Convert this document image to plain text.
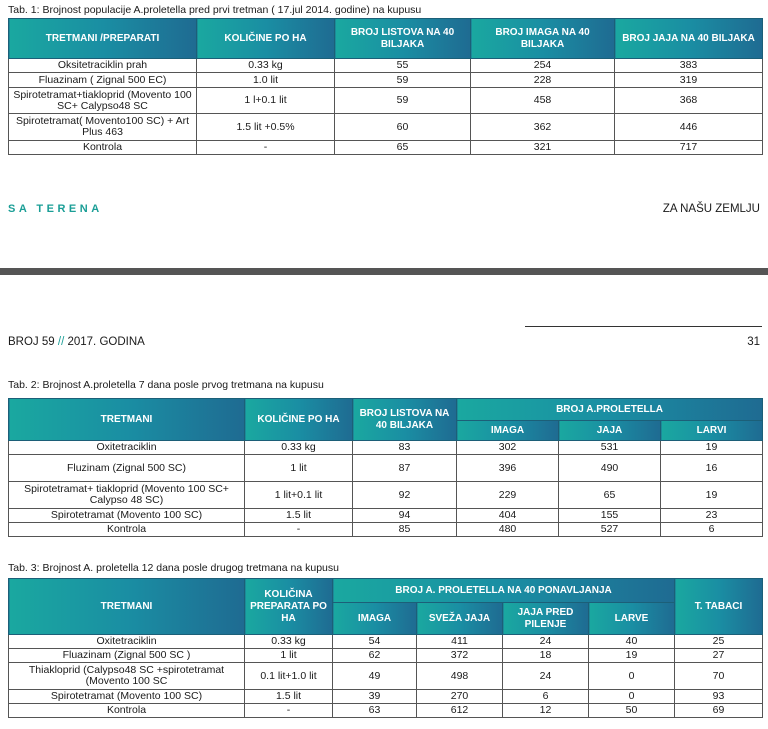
Tab. 1: Brojnost populacije A.proletella pred prvi tretman ( 17.jul 2014. godine) na kupusu
TRETMANI /PREPARATI	KOLIČINE PO HA	BROJ LISTOVA NA 40 BILJAKA	BROJ IMAGA NA 40 BILJAKA	BROJ JAJA NA 40 BILJAKA
Oksitetraciklin prah	0.33 kg	55	254	383
Fluazinam ( Zignal 500 EC)	1.0 lit	59	228	319
Spirotetramat+tiakloprid (Movento 100 SC+ Calypso48 SC	1 l+0.1 lit	59	458	368
Spirotetramat( Movento100 SC) + Art Plus 463	1.5 lit +0.5%	60	362	446
Kontrola	-	65	321	717
SA TERENA	ZA NAŠU ZEMLJU
BROJ 59 // 2017. GODINA	31
Tab. 2: Brojnost A.proletella 7 dana posle prvog tretmana na kupusu
TRETMANI	KOLIČINE PO HA	BROJ LISTOVA NA 40 BILJAKA	BROJ A.PROLETELLA		
			IMAGA	JAJA	LARVI
Oxitetraciklin	0.33 kg	83	302	531	19
Fluzinam (Zignal 500 SC)	1 lit	87	396	490	16
Spirotetramat+ tiakloprid (Movento 100 SC+ Calypso 48 SC)	1 lit+0.1 lit	92	229	65	19
Spirotetramat (Movento 100 SC)	1.5 lit	94	404	155	23
Kontrola	-	85	480	527	6
Tab. 3: Brojnost A. proletella 12 dana posle drugog tretmana na kupusu
TRETMANI	KOLIČINA PREPARATA PO HA	BROJ A. PROLETELLA NA 40 PONAVLJANJA				T. TABACI
		IMAGA	SVEŽA JAJA	JAJA PRED PILENJE	LARVE	
Oxitetraciklin	0.33 kg	54	411	24	40	25
Fluazinam (Zignal 500 SC )	1 lit	62	372	18	19	27
Thiakloprid (Calypso48 SC +spirotetramat (Movento 100 SC	0.1 lit+1.0 lit	49	498	24	0	70
Spirotetramat (Movento 100 SC)	1.5 lit	39	270	6	0	93
Kontrola	-	63	612	12	50	69
